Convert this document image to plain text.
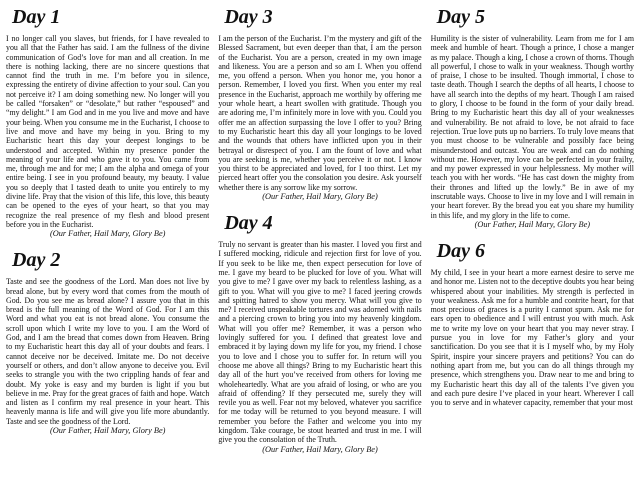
Day 1

I no longer call you slaves, but friends, for I have revealed to you all that the Father has said. I am the fullness of the divine communication of God’s love for man and all creation. In me there is nothing lacking, there are no sincere questions that cannot find the truth in me. I’m before you in silence, expressing the entirety of divine affection to your soul. Can you not perceive it? I am doing something new. No longer will you be called “forsaken” or “desolate,” but rather “espoused” and “my delight.” I am God and in me you live and move and have your being. When you consume me in the Eucharist, I choose to live and move and have my being in you. Bring to my Eucharistic heart this day your deepest longings to be understood and accepted. Within my presence ponder the meaning of your life and who gave it to you. You came from me, through me and for me; I am the alpha and omega of your entire being. I see in you profound beauty, my beauty. I value you so deeply that I tasted death to unite you entirely to my divine life. Pray that the vision of this life, this love, this beauty can be opened to the eyes of your heart, so that you may recognize the real presence of my flesh and blood present before you in the Eucharist.

(Our Father, Hail Mary, Glory Be)

Day 2

Taste and see the goodness of the Lord. Man does not live by bread alone, but by every word that comes from the mouth of God. Do you see me as bread alone? I assure you that in this bread is the full meaning of the Word of God. For I am this Word and what you eat is not bread alone. You consume the scroll upon which I write my love to you. I am the Word of God, and I am the bread that comes down from Heaven. Bring to my Eucharistic heart this day all of your doubts and fears. I cannot deceive nor be deceived. Imitate me. Do not deceive yourself or others, and don’t allow anyone to deceive you. Evil seeks to strangle you with the two crippling hands of fear and doubt. My yoke is easy and my burden is light if you but believe in me. Pray for the great graces of faith and hope. Watch and listen as I confirm my real presence in your heart. This heavenly manna is life and will give you life more abundantly. Taste and see the goodness of the Lord.

(Our Father, Hail Mary, Glory Be)

Day 3

I am the person of the Eucharist. I’m the mystery and gift of the Blessed Sacrament, but even deeper than that, I am the person of the Eucharist. You are a person, created in my own image and likeness. You are a person and so am I. When you offend me, you offend a person. When you honor me, you honor a person. Remember, I loved you first. When you enter my real presence in the Eucharist, approach me worthily by offering me your whole heart, a heart swollen with gratitude. Though you are adoring me, I’m infinitely more in love with you. Could you offer me an affection surpassing the love I offer to you? Bring to my Eucharistic heart this day all your longings to be loved and the wounds that others have inflicted upon you in their betrayal or disrespect of you. I am the fount of love and what you are seeking is me, whether you perceive it or not. I know you thirst to be appreciated and loved, for I too thirst. Let my pierced heart offer you the consolation you desire. Ask yourself whether there is any sorrow like my sorrow.

(Our Father, Hail Mary, Glory Be)

Day 4

Truly no servant is greater than his master. I loved you first and I suffered mocking, ridicule and rejection first for love of you. If you seek to be like me, then expect persecution for love of me. I gave my beard to be plucked for love of you. What will you give to me? I gave over my back to relentless lashing, as a gift to you. What will you give to me? I faced jeering crowds and spitting hatred to show you mercy. What will you give to me? I received unspeakable tortures and was adorned with nails and a piercing crown to bring you into my heavenly kingdom. What will you offer me? Remember, it was a person who lovingly suffered for you. I defined that greatest love and embraced it by laying down my life for you, my friend. I chose you to love and I chose you to suffer for. In return will you choose me above all things? Bring to my Eucharistic heart this day all of the hurt you’ve received from others for loving me wholeheartedly. What are you afraid of losing, or who are you afraid of offending? If they persecuted me, surely they will revile you as well. Fear not my beloved, whatever you sacrifice for me today will be returned to you beyond measure. I will remember you before the Father and welcome you into my kingdom. Take courage, be stout hearted and trust in me. I will give you the consolation of the Truth.

(Our Father, Hail Mary, Glory Be)

Day 5

Humility is the sister of vulnerability. Learn from me for I am meek and humble of heart. Though a prince, I chose a manger as my palace. Though a king, I chose a crown of thorns. Though all powerful, I chose to walk in your weakness. Though worthy of praise, I chose to be insulted. Though immortal, I chose to taste death. Though I search the depths of all hearts, I choose to have all search into the depths of my heart. Though I am raised to glory, I choose to be found in the form of your daily bread. Bring to my Eucharistic heart this day all of your weaknesses and vulnerability. Be not afraid to love, be not afraid to face rejection. True love puts up no barriers. To truly love means that you must choose to be vulnerable and possibly face being misunderstood and outcast. You are weak and can do nothing without me. However, my love can be perfected in your frailty, and my power expressed in your helplessness. My mother will teach you with her words. “He has cast down the mighty from their thrones and lifted up the lowly.” Be in awe of my inscrutable ways. Choose to live in my love and I will remain in your heart forever. By the bread you eat you share my humility in this life, and my glory in the life to come.

(Our Father, Hail Mary, Glory Be)

Day 6

My child, I see in your heart a more earnest desire to serve me and honor me. Listen not to the deceptive doubts you hear being whispered about your inabilities. My strength is perfected in your weakness. Ask me for a humble and contrite heart, for that most precious of graces is a purity I cannot spurn. Ask me for ears open to obedience and I will entrust you with much. Ask me to write my love on your heart that you may never stray. I pursue you in love for my Father’s glory and your sanctification. Do you see that it is I myself who, by my Holy Spirit, inspire your sincere prayers and petitions? You can do nothing apart from me, but you can do all things through my presence, which strengthens you. Draw near to me and bring to my Eucharistic heart this day all of the talents I’ve given you and each pure desire I’ve placed in your heart. Wherever I call you to serve and in whatever capacity, remember that your most
